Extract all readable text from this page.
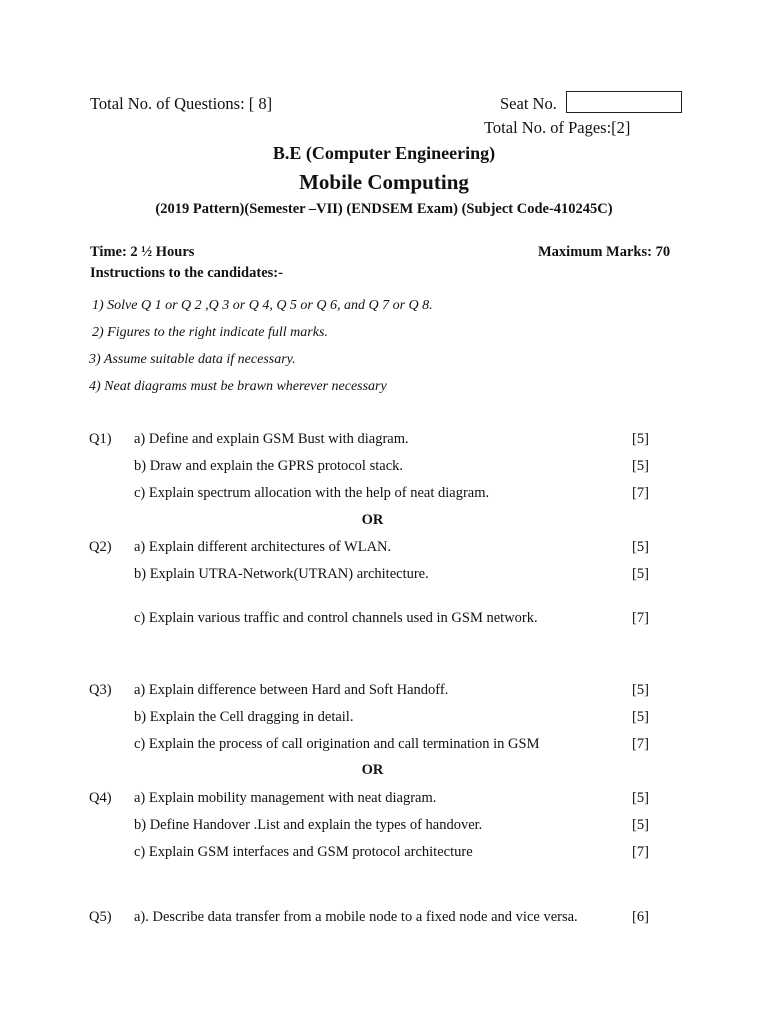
Total No. of Questions: [ 8]	Seat No.
Total No. of Pages:[2]
B.E (Computer Engineering)
Mobile Computing
(2019 Pattern)(Semester –VII) (ENDSEM Exam) (Subject Code-410245C)
Time: 2 ½ Hours	Maximum Marks: 70
Instructions to the candidates:-
1) Solve Q 1 or Q 2 ,Q 3 or Q 4, Q 5 or Q 6, and Q 7 or Q 8.
2) Figures to the right indicate full marks.
3) Assume suitable data if necessary.
4) Neat diagrams must be brawn wherever necessary
Q1) a) Define and explain GSM Bust with diagram.	[5]
b) Draw and explain the GPRS protocol stack.	[5]
c) Explain spectrum allocation with the help of neat diagram.	[7]
OR
Q2) a) Explain different architectures of WLAN.	[5]
b) Explain UTRA-Network(UTRAN) architecture.	[5]
c) Explain various traffic and control channels used in GSM network.	[7]
Q3) a) Explain difference between Hard and Soft Handoff.	[5]
b) Explain the Cell dragging in detail.	[5]
c) Explain the process of call origination and call termination in GSM	[7]
OR
Q4) a) Explain mobility management with neat diagram.	[5]
b) Define Handover .List and explain the types of handover.	[5]
c) Explain GSM interfaces and GSM protocol architecture	[7]
Q5) a). Describe data transfer from a mobile node to a fixed node and vice versa.	[6]
